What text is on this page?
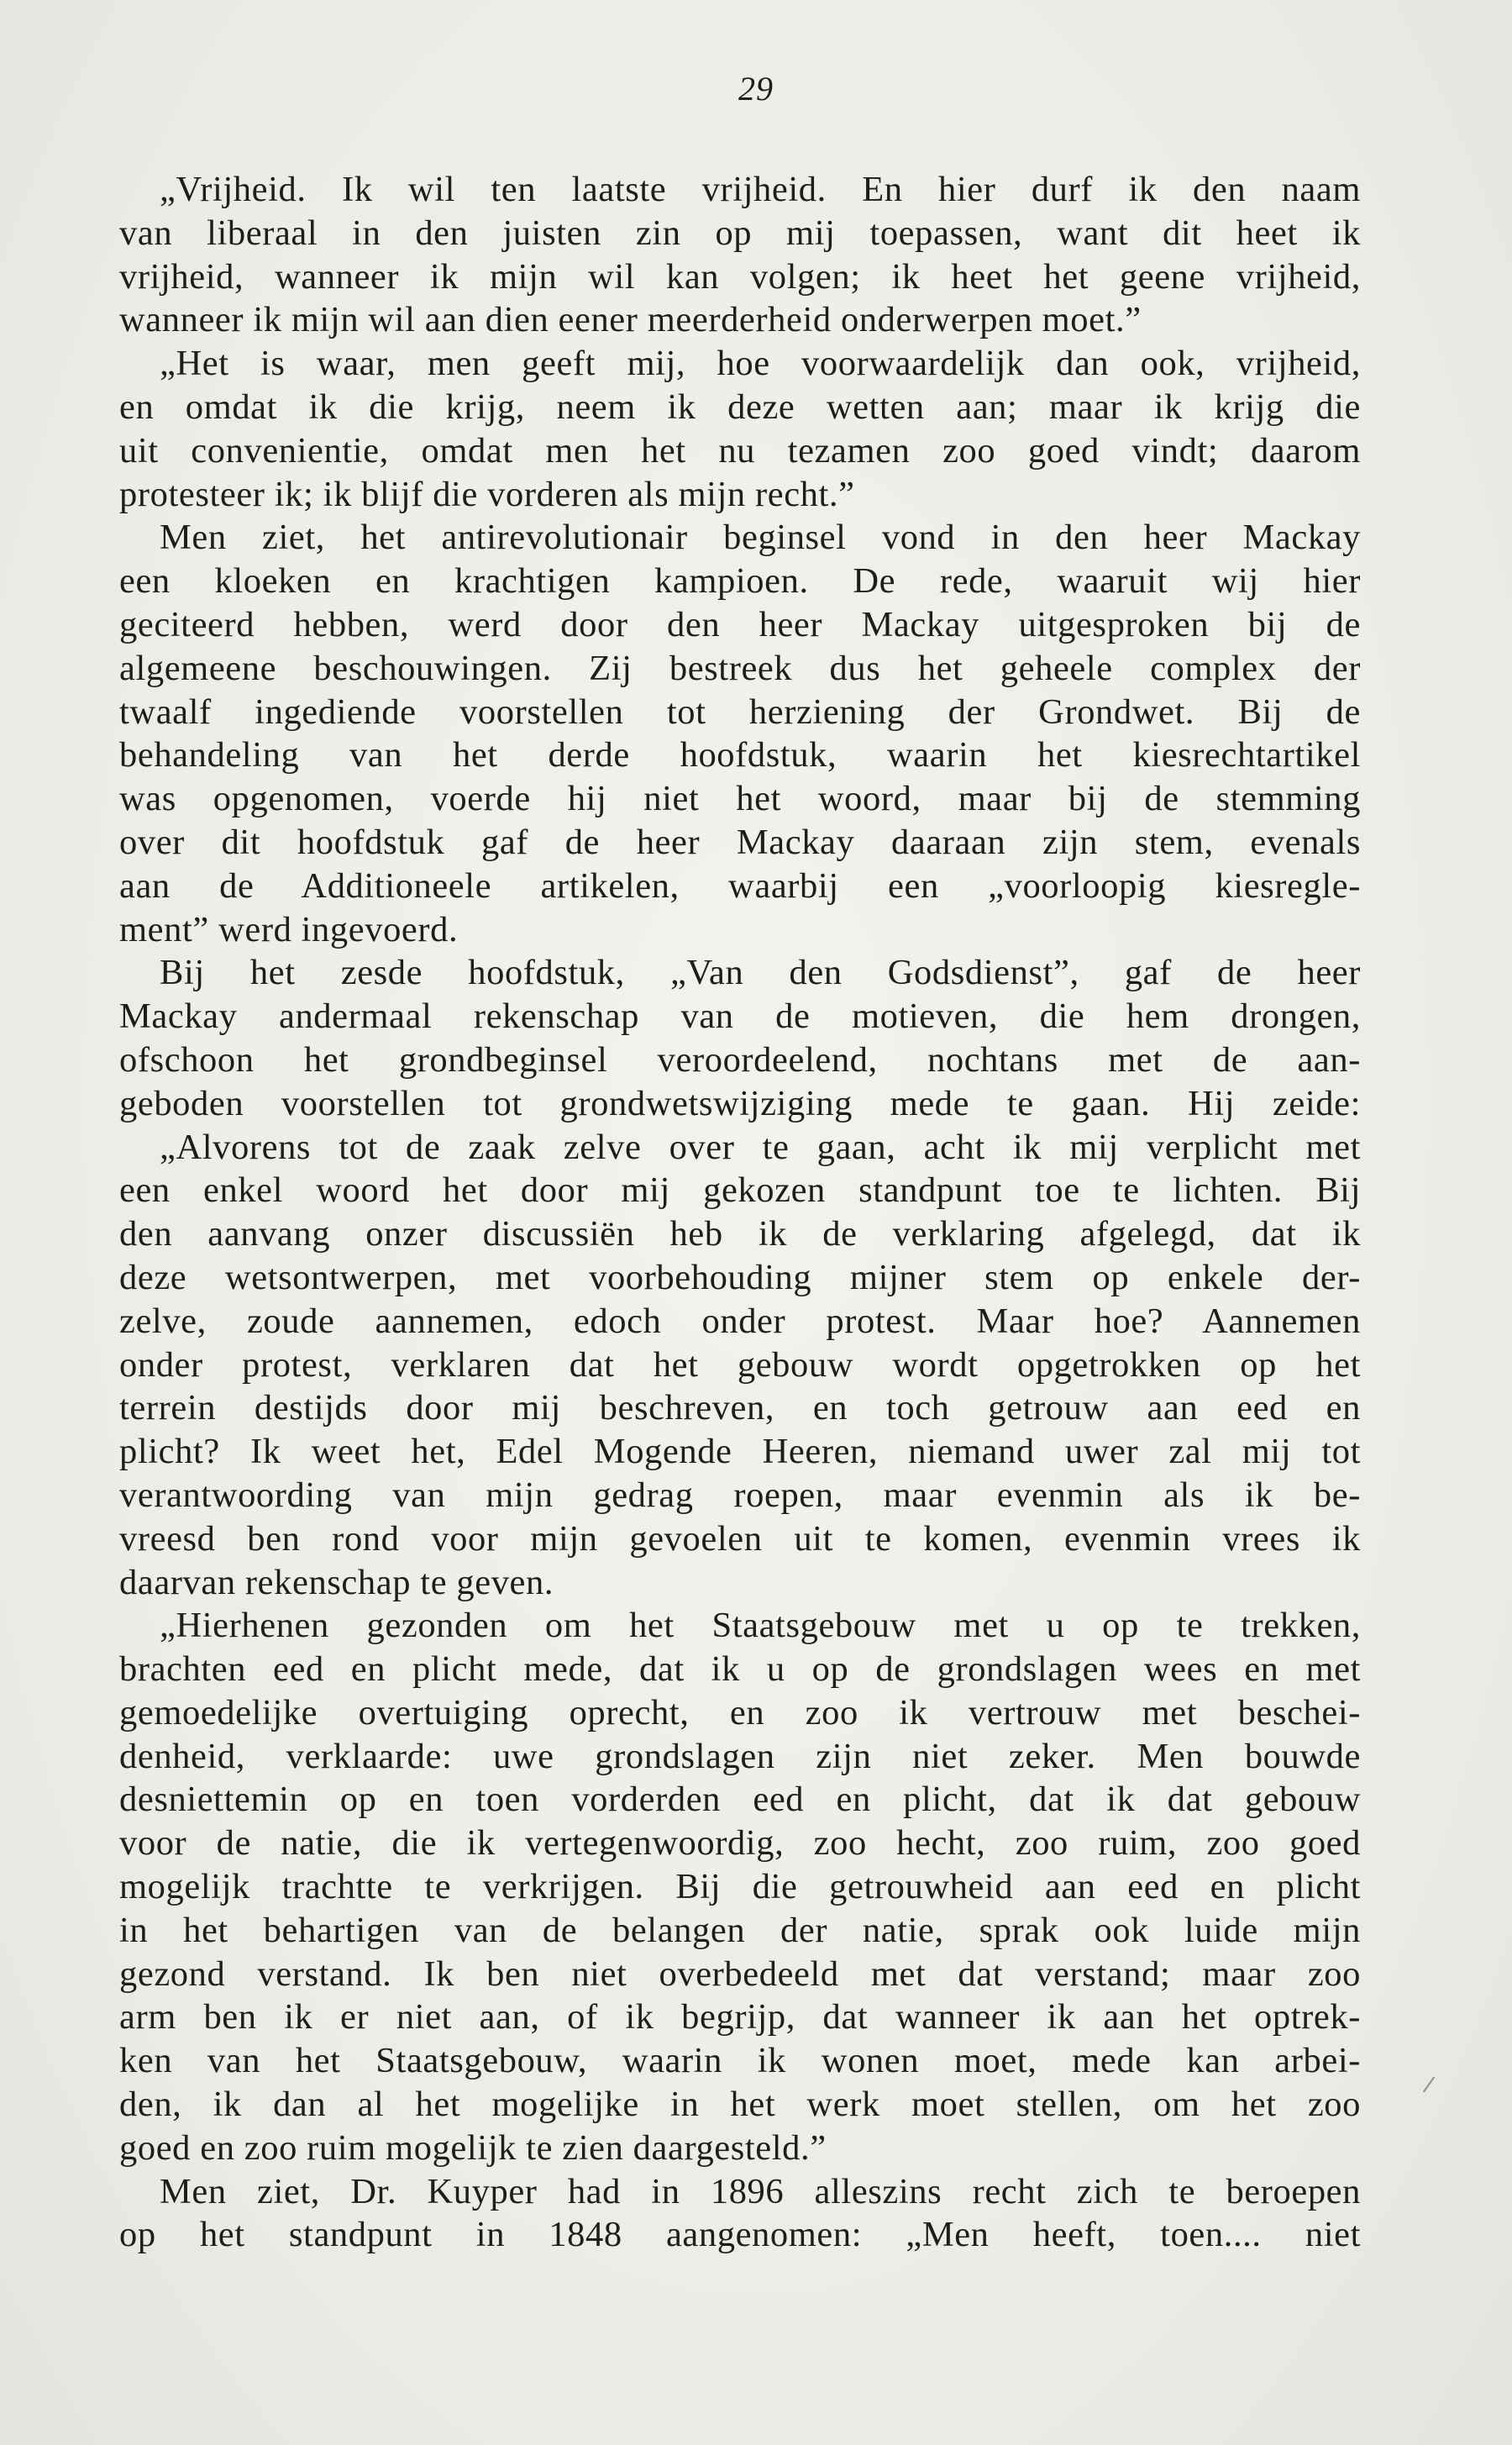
29
„Vrijheid. Ik wil ten laatste vrijheid. En hier durf ik den naam
van liberaal in den juisten zin op mij toepassen, want dit heet ik
vrijheid, wanneer ik mijn wil kan volgen; ik heet het geene vrijheid,
wanneer ik mijn wil aan dien eener meerderheid onderwerpen moet.”
„Het is waar, men geeft mij, hoe voorwaardelijk dan ook, vrijheid,
en omdat ik die krijg, neem ik deze wetten aan; maar ik krijg die
uit convenientie, omdat men het nu tezamen zoo goed vindt; daarom
protesteer ik; ik blijf die vorderen als mijn recht.”
Men ziet, het antirevolutionair beginsel vond in den heer Mackay
een kloeken en krachtigen kampioen. De rede, waaruit wij hier
geciteerd hebben, werd door den heer Mackay uitgesproken bij de
algemeene beschouwingen. Zij bestreek dus het geheele complex der
twaalf ingediende voorstellen tot herziening der Grondwet. Bij de
behandeling van het derde hoofdstuk, waarin het kiesrechtartikel
was opgenomen, voerde hij niet het woord, maar bij de stemming
over dit hoofdstuk gaf de heer Mackay daaraan zijn stem, evenals
aan de Additioneele artikelen, waarbij een „voorloopig kiesregle-
ment” werd ingevoerd.
Bij het zesde hoofdstuk, „Van den Godsdienst”, gaf de heer
Mackay andermaal rekenschap van de motieven, die hem drongen,
ofschoon het grondbeginsel veroordeelend, nochtans met de aan-
geboden voorstellen tot grondwetswijziging mede te gaan. Hij zeide:
„Alvorens tot de zaak zelve over te gaan, acht ik mij verplicht met
een enkel woord het door mij gekozen standpunt toe te lichten. Bij
den aanvang onzer discussiën heb ik de verklaring afgelegd, dat ik
deze wetsontwerpen, met voorbehouding mijner stem op enkele der-
zelve, zoude aannemen, edoch onder protest. Maar hoe? Aannemen
onder protest, verklaren dat het gebouw wordt opgetrokken op het
terrein destijds door mij beschreven, en toch getrouw aan eed en
plicht? Ik weet het, Edel Mogende Heeren, niemand uwer zal mij tot
verantwoording van mijn gedrag roepen, maar evenmin als ik be-
vreesd ben rond voor mijn gevoelen uit te komen, evenmin vrees ik
daarvan rekenschap te geven.
„Hierhenen gezonden om het Staatsgebouw met u op te trekken,
brachten eed en plicht mede, dat ik u op de grondslagen wees en met
gemoedelijke overtuiging oprecht, en zoo ik vertrouw met beschei-
denheid, verklaarde: uwe grondslagen zijn niet zeker. Men bouwde
desniettemin op en toen vorderden eed en plicht, dat ik dat gebouw
voor de natie, die ik vertegenwoordig, zoo hecht, zoo ruim, zoo goed
mogelijk trachtte te verkrijgen. Bij die getrouwheid aan eed en plicht
in het behartigen van de belangen der natie, sprak ook luide mijn
gezond verstand. Ik ben niet overbedeeld met dat verstand; maar zoo
arm ben ik er niet aan, of ik begrijp, dat wanneer ik aan het optrek-
ken van het Staatsgebouw, waarin ik wonen moet, mede kan arbei-
den, ik dan al het mogelijke in het werk moet stellen, om het zoo
goed en zoo ruim mogelijk te zien daargesteld.”
Men ziet, Dr. Kuyper had in 1896 alleszins recht zich te beroepen
op het standpunt in 1848 aangenomen: „Men heeft, toen.... niet
